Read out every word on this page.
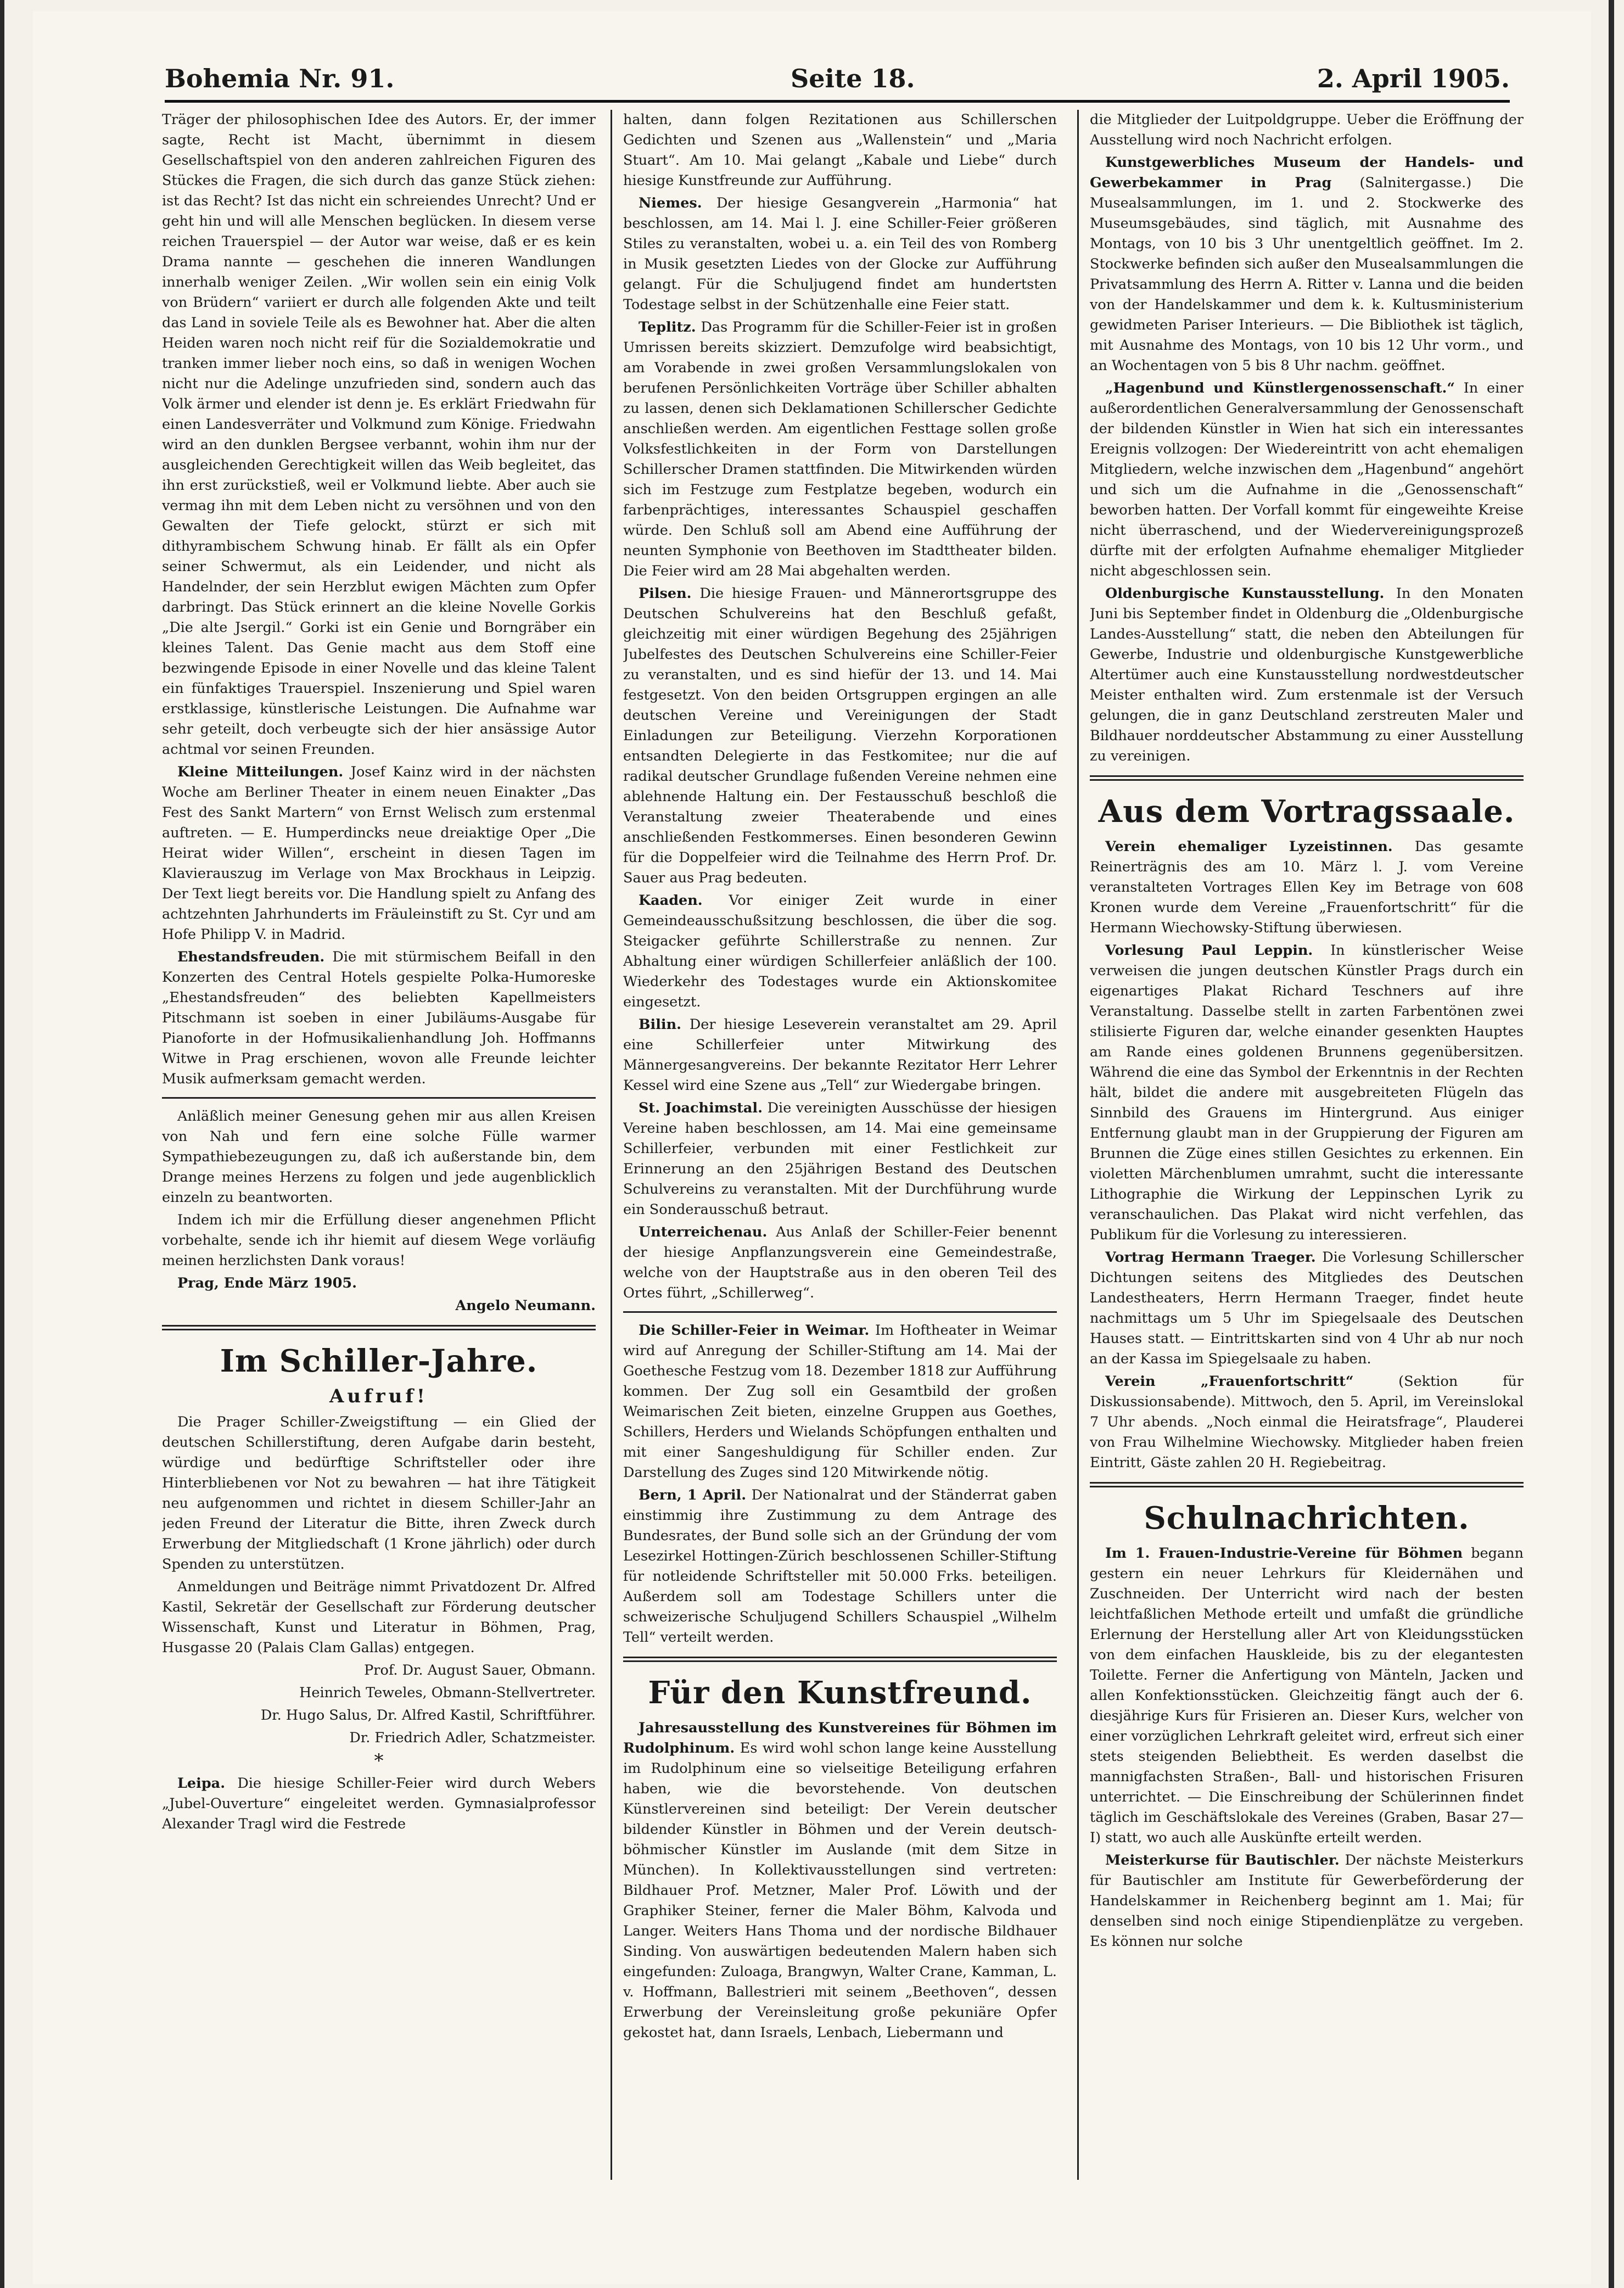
Bohemia Nr. 91.	Seite 18.	2. April 1905.

Träger der philosophischen Idee des Autors. Er, der immer sagte, Recht ist Macht, übernimmt in diesem Gesellschaftspiel von den anderen zahlreichen Figuren des Stückes die Fragen, die sich durch das ganze Stück ziehen: ist das Recht? Ist das nicht ein schreiendes Unrecht? Und er geht hin und will alle Menschen beglücken. In diesem verse reichen Trauerspiel — der Autor war weise, daß er es kein Drama nannte — geschehen die inneren Wandlungen innerhalb weniger Zeilen. „Wir wollen sein ein einig Volk von Brüdern“ variiert er durch alle folgenden Akte und teilt das Land in soviele Teile als es Bewohner hat. Aber die alten Heiden waren noch nicht reif für die Sozialdemokratie und tranken immer lieber noch eins, so daß in wenigen Wochen nicht nur die Adelinge unzufrieden sind, sondern auch das Volk ärmer und elender ist denn je. Es erklärt Friedwahn für einen Landesverräter und Volkmund zum Könige. Friedwahn wird an den dunklen Bergsee verbannt, wohin ihm nur der ausgleichenden Gerechtigkeit willen das Weib begleitet, das ihn erst zurückstieß, weil er Volkmund liebte. Aber auch sie vermag ihn mit dem Leben nicht zu versöhnen und von den Gewalten der Tiefe gelockt, stürzt er sich mit dithyrambischem Schwung hinab. Er fällt als ein Opfer seiner Schwermut, als ein Leidender, und nicht als Handelnder, der sein Herzblut ewigen Mächten zum Opfer darbringt. Das Stück erinnert an die kleine Novelle Gorkis „Die alte Jsergil.“ Gorki ist ein Genie und Borngräber ein kleines Talent. Das Genie macht aus dem Stoff eine bezwingende Episode in einer Novelle und das kleine Talent ein fünfaktiges Trauerspiel. Inszenierung und Spiel waren erstklassige, künstlerische Leistungen. Die Aufnahme war sehr geteilt, doch verbeugte sich der hier ansässige Autor achtmal vor seinen Freunden.

Kleine Mitteilungen. Josef Kainz wird in der nächsten Woche am Berliner Theater in einem neuen Einakter „Das Fest des Sankt Martern“ von Ernst Welisch zum erstenmal auftreten. — E. Humperdincks neue dreiaktige Oper „Die Heirat wider Willen“, erscheint in diesen Tagen im Klavierauszug im Verlage von Max Brockhaus in Leipzig. Der Text liegt bereits vor. Die Handlung spielt zu Anfang des achtzehnten Jahrhunderts im Fräuleinstift zu St. Cyr und am Hofe Philipp V. in Madrid.

Ehestandsfreuden. Die mit stürmischem Beifall in den Konzerten des Central Hotels gespielte Polka-Humoreske „Ehestandsfreuden“ des beliebten Kapellmeisters Pitschmann ist soeben in einer Jubiläums-Ausgabe für Pianoforte in der Hofmusikalienhandlung Joh. Hoffmanns Witwe in Prag erschienen, wovon alle Freunde leichter Musik aufmerksam gemacht werden.

Anläßlich meiner Genesung gehen mir aus allen Kreisen von Nah und fern eine solche Fülle warmer Sympathiebezeugungen zu, daß ich außerstande bin, dem Drange meines Herzens zu folgen und jede augenblicklich einzeln zu beantworten.

Indem ich mir die Erfüllung dieser angenehmen Pflicht vorbehalte, sende ich ihr hiemit auf diesem Wege vorläufig meinen herzlichsten Dank voraus!

Prag, Ende März 1905.

Angelo Neumann.

Im Schiller-Jahre.
Aufruf!

Die Prager Schiller-Zweigstiftung — ein Glied der deutschen Schillerstiftung, deren Aufgabe darin besteht, würdige und bedürftige Schriftsteller oder ihre Hinterbliebenen vor Not zu bewahren — hat ihre Tätigkeit neu aufgenommen und richtet in diesem Schiller-Jahr an jeden Freund der Literatur die Bitte, ihren Zweck durch Erwerbung der Mitgliedschaft (1 Krone jährlich) oder durch Spenden zu unterstützen.

Anmeldungen und Beiträge nimmt Privatdozent Dr. Alfred Kastil, Sekretär der Gesellschaft zur Förderung deutscher Wissenschaft, Kunst und Literatur in Böhmen, Prag, Husgasse 20 (Palais Clam Gallas) entgegen.

Prof. Dr. August Sauer, Obmann.

Heinrich Teweles, Obmann-Stellvertreter.

Dr. Hugo Salus, Dr. Alfred Kastil, Schriftführer.

Dr. Friedrich Adler, Schatzmeister.

*

Leipa. Die hiesige Schiller-Feier wird durch Webers „Jubel-Ouverture“ eingeleitet werden. Gymnasialprofessor Alexander Tragl wird die Festrede

halten, dann folgen Rezitationen aus Schillerschen Gedichten und Szenen aus „Wallenstein“ und „Maria Stuart“. Am 10. Mai gelangt „Kabale und Liebe“ durch hiesige Kunstfreunde zur Aufführung.

Niemes. Der hiesige Gesangverein „Harmonia“ hat beschlossen, am 14. Mai l. J. eine Schiller-Feier größeren Stiles zu veranstalten, wobei u. a. ein Teil des von Romberg in Musik gesetzten Liedes von der Glocke zur Aufführung gelangt. Für die Schuljugend findet am hundertsten Todestage selbst in der Schützenhalle eine Feier statt.

Teplitz. Das Programm für die Schiller-Feier ist in großen Umrissen bereits skizziert. Demzufolge wird beabsichtigt, am Vorabende in zwei großen Versammlungslokalen von berufenen Persönlichkeiten Vorträge über Schiller abhalten zu lassen, denen sich Deklamationen Schillerscher Gedichte anschließen werden. Am eigentlichen Festtage sollen große Volksfestlichkeiten in der Form von Darstellungen Schillerscher Dramen stattfinden. Die Mitwirkenden würden sich im Festzuge zum Festplatze begeben, wodurch ein farbenprächtiges, interessantes Schauspiel geschaffen würde. Den Schluß soll am Abend eine Aufführung der neunten Symphonie von Beethoven im Stadttheater bilden. Die Feier wird am 28 Mai abgehalten werden.

Pilsen. Die hiesige Frauen- und Männerortsgruppe des Deutschen Schulvereins hat den Beschluß gefaßt, gleichzeitig mit einer würdigen Begehung des 25jährigen Jubelfestes des Deutschen Schulvereins eine Schiller-Feier zu veranstalten, und es sind hiefür der 13. und 14. Mai festgesetzt. Von den beiden Ortsgruppen ergingen an alle deutschen Vereine und Vereinigungen der Stadt Einladungen zur Beteiligung. Vierzehn Korporationen entsandten Delegierte in das Festkomitee; nur die auf radikal deutscher Grundlage fußenden Vereine nehmen eine ablehnende Haltung ein. Der Festausschuß beschloß die Veranstaltung zweier Theaterabende und eines anschließenden Festkommerses. Einen besonderen Gewinn für die Doppelfeier wird die Teilnahme des Herrn Prof. Dr. Sauer aus Prag bedeuten.

Kaaden. Vor einiger Zeit wurde in einer Gemeindeausschußsitzung beschlossen, die über die sog. Steigacker geführte Schillerstraße zu nennen. Zur Abhaltung einer würdigen Schillerfeier anläßlich der 100. Wiederkehr des Todestages wurde ein Aktionskomitee eingesetzt.

Bilin. Der hiesige Leseverein veranstaltet am 29. April eine Schillerfeier unter Mitwirkung des Männergesangvereins. Der bekannte Rezitator Herr Lehrer Kessel wird eine Szene aus „Tell“ zur Wiedergabe bringen.

St. Joachimstal. Die vereinigten Ausschüsse der hiesigen Vereine haben beschlossen, am 14. Mai eine gemeinsame Schillerfeier, verbunden mit einer Festlichkeit zur Erinnerung an den 25jährigen Bestand des Deutschen Schulvereins zu veranstalten. Mit der Durchführung wurde ein Sonderausschuß betraut.

Unterreichenau. Aus Anlaß der Schiller-Feier benennt der hiesige Anpflanzungsverein eine Gemeindestraße, welche von der Hauptstraße aus in den oberen Teil des Ortes führt, „Schillerweg“.

Die Schiller-Feier in Weimar. Im Hoftheater in Weimar wird auf Anregung der Schiller-Stiftung am 14. Mai der Goethesche Festzug vom 18. Dezember 1818 zur Aufführung kommen. Der Zug soll ein Gesamtbild der großen Weimarischen Zeit bieten, einzelne Gruppen aus Goethes, Schillers, Herders und Wielands Schöpfungen enthalten und mit einer Sangeshuldigung für Schiller enden. Zur Darstellung des Zuges sind 120 Mitwirkende nötig.

Bern, 1 April. Der Nationalrat und der Ständerrat gaben einstimmig ihre Zustimmung zu dem Antrage des Bundesrates, der Bund solle sich an der Gründung der vom Lesezirkel Hottingen-Zürich beschlossenen Schiller-Stiftung für notleidende Schriftsteller mit 50.000 Frks. beteiligen. Außerdem soll am Todestage Schillers unter die schweizerische Schuljugend Schillers Schauspiel „Wilhelm Tell“ verteilt werden.

Für den Kunstfreund.

Jahresausstellung des Kunstvereines für Böhmen im Rudolphinum. Es wird wohl schon lange keine Ausstellung im Rudolphinum eine so vielseitige Beteiligung erfahren haben, wie die bevorstehende. Von deutschen Künstlervereinen sind beteiligt: Der Verein deutscher bildender Künstler in Böhmen und der Verein deutsch-böhmischer Künstler im Auslande (mit dem Sitze in München). In Kollektivausstellungen sind vertreten: Bildhauer Prof. Metzner, Maler Prof. Löwith und der Graphiker Steiner, ferner die Maler Böhm, Kalvoda und Langer. Weiters Hans Thoma und der nordische Bildhauer Sinding. Von auswärtigen bedeutenden Malern haben sich eingefunden: Zuloaga, Brangwyn, Walter Crane, Kamman, L. v. Hoffmann, Ballestrieri mit seinem „Beethoven“, dessen Erwerbung der Vereinsleitung große pekuniäre Opfer gekostet hat, dann Israels, Lenbach, Liebermann und

die Mitglieder der Luitpoldgruppe. Ueber die Eröffnung der Ausstellung wird noch Nachricht erfolgen.

Kunstgewerbliches Museum der Handels- und Gewerbekammer in Prag (Salnitergasse.) Die Musealsammlungen, im 1. und 2. Stockwerke des Museumsgebäudes, sind täglich, mit Ausnahme des Montags, von 10 bis 3 Uhr unentgeltlich geöffnet. Im 2. Stockwerke befinden sich außer den Musealsammlungen die Privatsammlung des Herrn A. Ritter v. Lanna und die beiden von der Handelskammer und dem k. k. Kultusministerium gewidmeten Pariser Interieurs. — Die Bibliothek ist täglich, mit Ausnahme des Montags, von 10 bis 12 Uhr vorm., und an Wochentagen von 5 bis 8 Uhr nachm. geöffnet.

„Hagenbund und Künstlergenossenschaft.“ In einer außerordentlichen Generalversammlung der Genossenschaft der bildenden Künstler in Wien hat sich ein interessantes Ereignis vollzogen: Der Wiedereintritt von acht ehemaligen Mitgliedern, welche inzwischen dem „Hagenbund“ angehört und sich um die Aufnahme in die „Genossenschaft“ beworben hatten. Der Vorfall kommt für eingeweihte Kreise nicht überraschend, und der Wiedervereinigungsprozeß dürfte mit der erfolgten Aufnahme ehemaliger Mitglieder nicht abgeschlossen sein.

Oldenburgische Kunstausstellung. In den Monaten Juni bis September findet in Oldenburg die „Oldenburgische Landes-Ausstellung“ statt, die neben den Abteilungen für Gewerbe, Industrie und oldenburgische Kunstgewerbliche Altertümer auch eine Kunstausstellung nordwestdeutscher Meister enthalten wird. Zum erstenmale ist der Versuch gelungen, die in ganz Deutschland zerstreuten Maler und Bildhauer norddeutscher Abstammung zu einer Ausstellung zu vereinigen.

Aus dem Vortragssaale.

Verein ehemaliger Lyzeistinnen. Das gesamte Reinerträgnis des am 10. März l. J. vom Vereine veranstalteten Vortrages Ellen Key im Betrage von 608 Kronen wurde dem Vereine „Frauenfortschritt“ für die Hermann Wiechowsky-Stiftung überwiesen.

Vorlesung Paul Leppin. In künstlerischer Weise verweisen die jungen deutschen Künstler Prags durch ein eigenartiges Plakat Richard Teschners auf ihre Veranstaltung. Dasselbe stellt in zarten Farbentönen zwei stilisierte Figuren dar, welche einander gesenkten Hauptes am Rande eines goldenen Brunnens gegenübersitzen. Während die eine das Symbol der Erkenntnis in der Rechten hält, bildet die andere mit ausgebreiteten Flügeln das Sinnbild des Grauens im Hintergrund. Aus einiger Entfernung glaubt man in der Gruppierung der Figuren am Brunnen die Züge eines stillen Gesichtes zu erkennen. Ein violetten Märchenblumen umrahmt, sucht die interessante Lithographie die Wirkung der Leppinschen Lyrik zu veranschaulichen. Das Plakat wird nicht verfehlen, das Publikum für die Vorlesung zu interessieren.

Vortrag Hermann Traeger. Die Vorlesung Schillerscher Dichtungen seitens des Mitgliedes des Deutschen Landestheaters, Herrn Hermann Traeger, findet heute nachmittags um 5 Uhr im Spiegelsaale des Deutschen Hauses statt. — Eintrittskarten sind von 4 Uhr ab nur noch an der Kassa im Spiegelsaale zu haben.

Verein „Frauenfortschritt“	(Sektion für Diskussionsabende). Mittwoch, den 5. April, im Vereinslokal 7 Uhr abends. „Noch einmal die Heiratsfrage“, Plauderei von Frau Wilhelmine Wiechowsky. Mitglieder haben freien Eintritt, Gäste zahlen 20 H. Regiebeitrag.

Schulnachrichten.

Im 1. Frauen-Industrie-Vereine für Böhmen begann gestern ein neuer Lehrkurs für Kleidernähen und Zuschneiden. Der Unterricht wird nach der besten leichtfaßlichen Methode erteilt und umfaßt die gründliche Erlernung der Herstellung aller Art von Kleidungsstücken von dem einfachen Hauskleide, bis zu der elegantesten Toilette. Ferner die Anfertigung von Mänteln, Jacken und allen Konfektionsstücken. Gleichzeitig fängt auch der 6. diesjährige Kurs für Frisieren an. Dieser Kurs, welcher von einer vorzüglichen Lehrkraft geleitet wird, erfreut sich einer stets steigenden Beliebtheit. Es werden daselbst die mannigfachsten Straßen-, Ball- und historischen Frisuren unterrichtet. — Die Einschreibung der Schülerinnen findet täglich im Geschäftslokale des Vereines (Graben, Basar 27—I) statt, wo auch alle Auskünfte erteilt werden.

Meisterkurse für Bautischler. Der nächste Meisterkurs für Bautischler am Institute für Gewerbeförderung der Handelskammer in Reichenberg beginnt am 1. Mai; für denselben sind noch einige Stipendienplätze zu vergeben. Es können nur solche
